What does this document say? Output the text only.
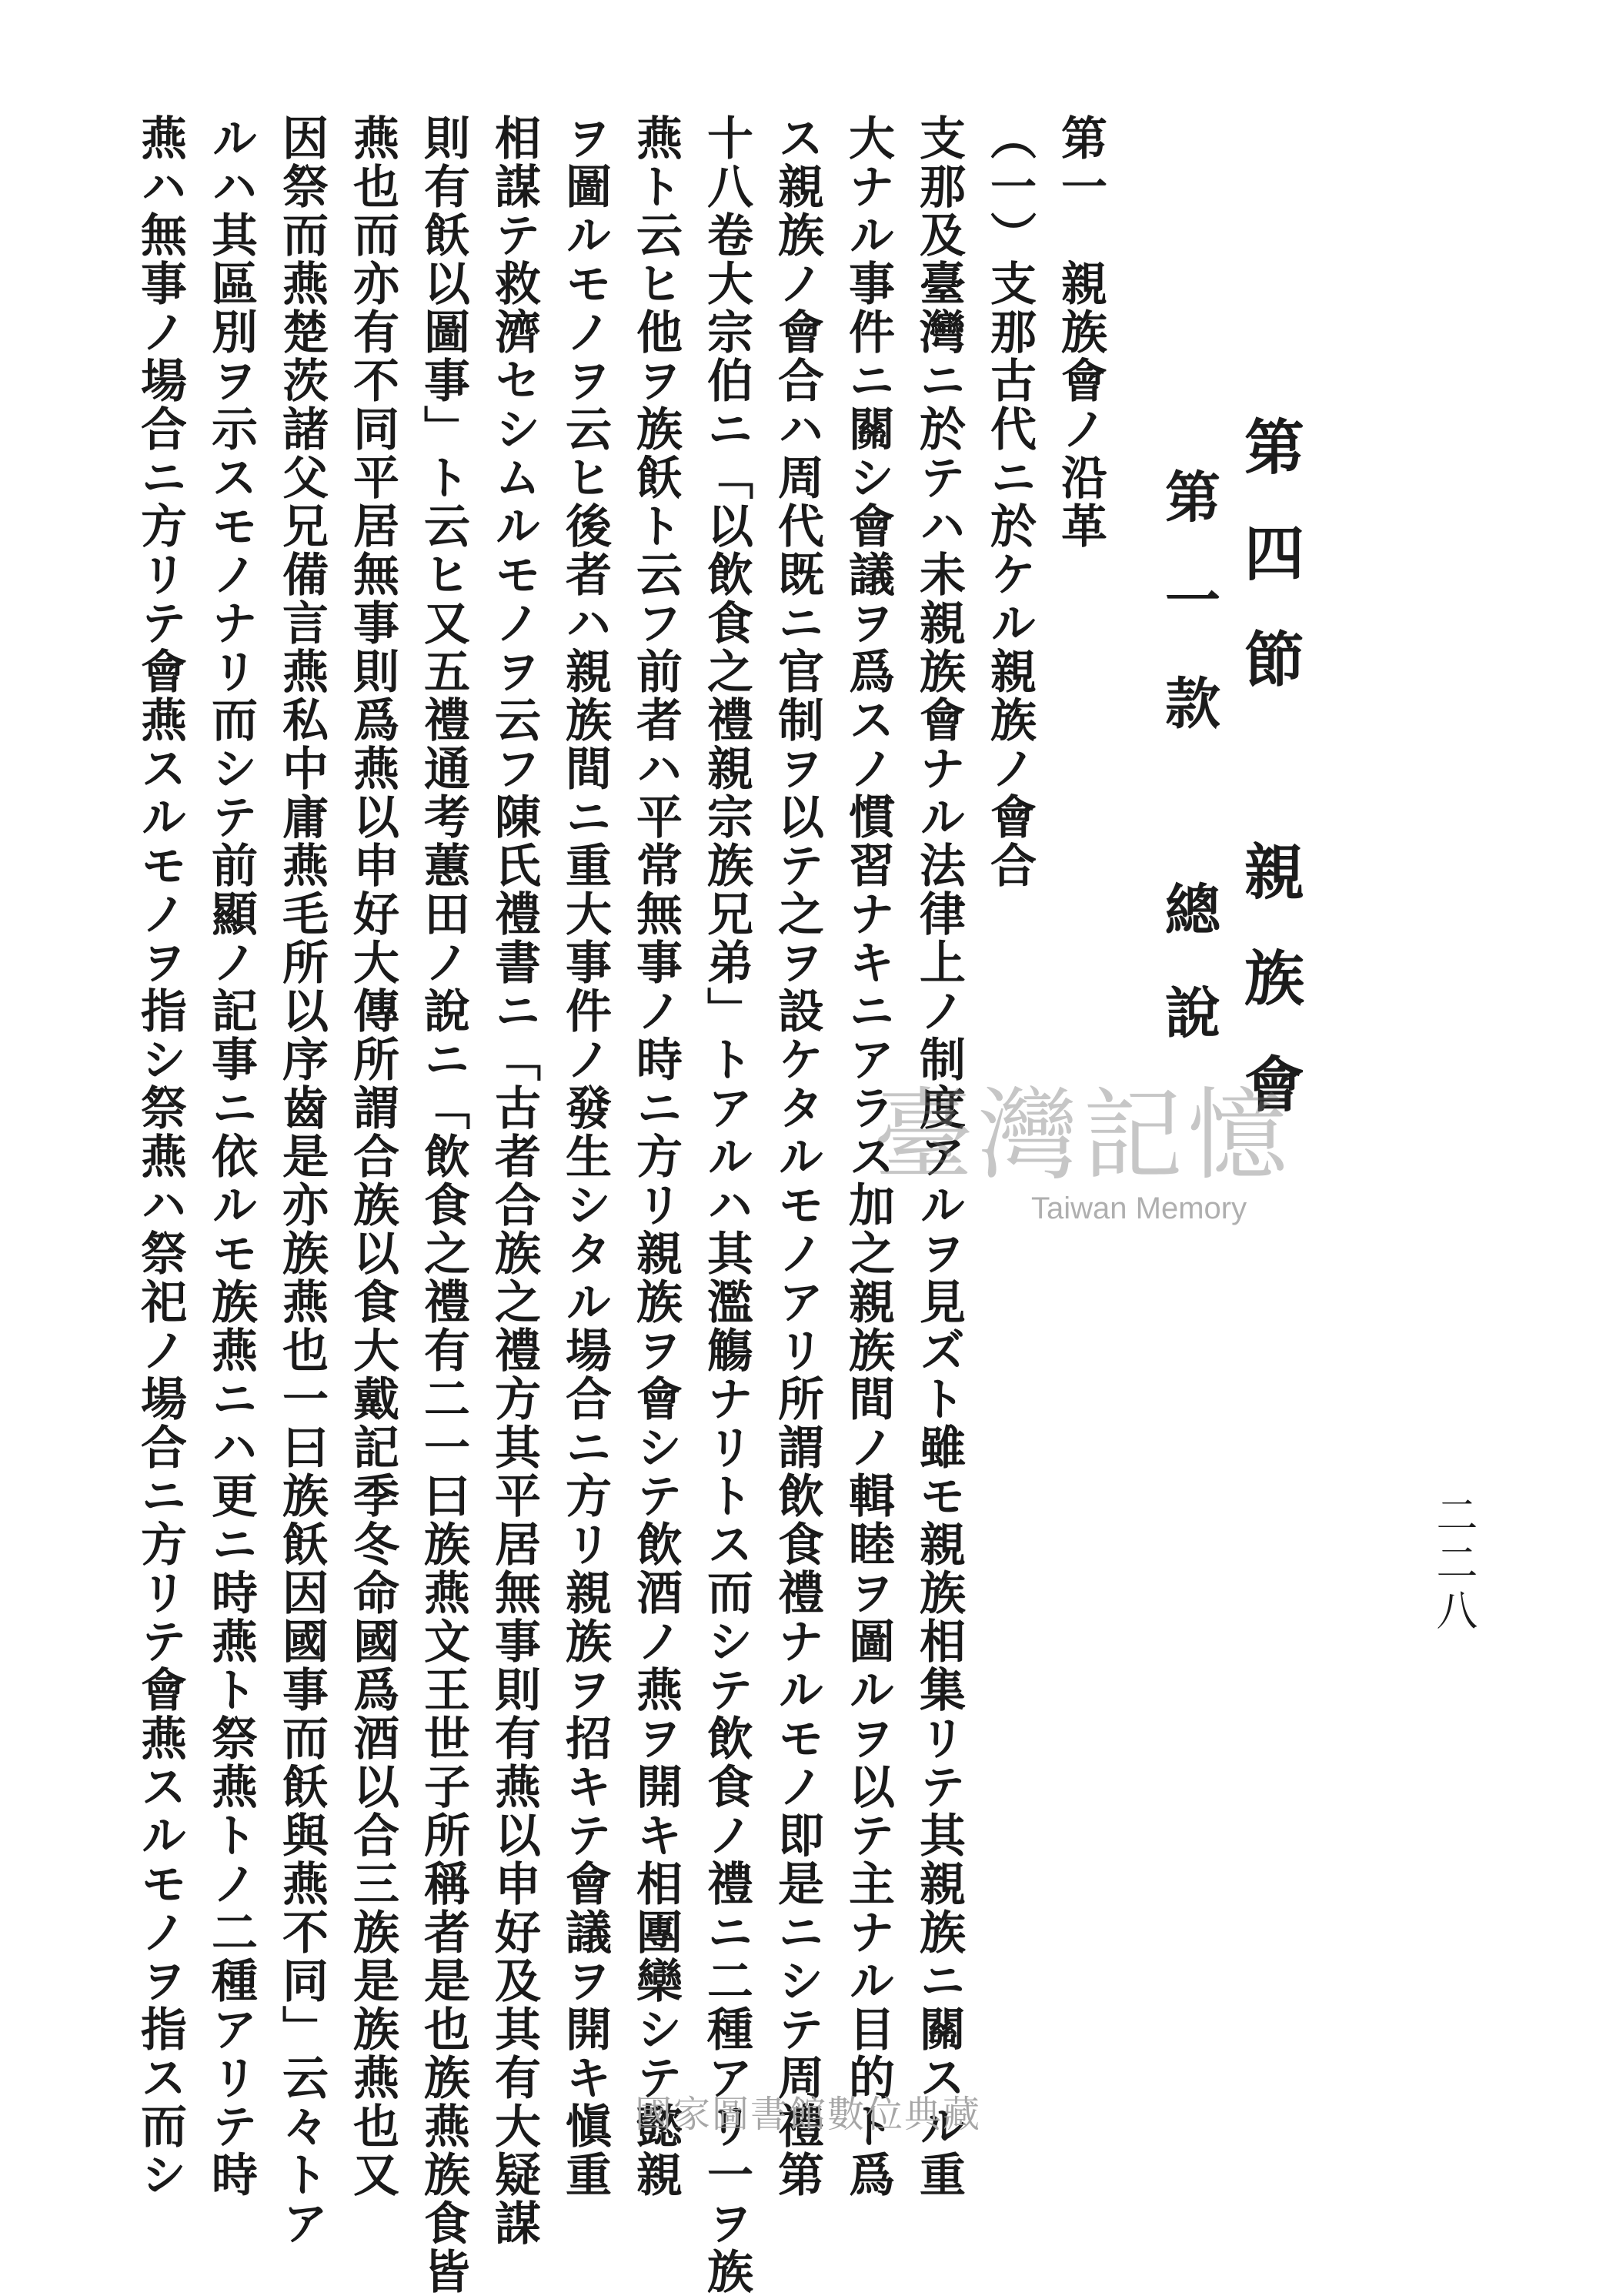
第四節　親族會
第一款　總說
二二八
第一　親族會ノ沿革
（一）支那古代ニ於ケル親族ノ會合
支那及臺灣ニ於テハ未親族會ナル法律上ノ制度アルヲ見ズト雖モ親族相集リテ其親族ニ關スル重
大ナル事件ニ關シ會議ヲ爲スノ慣習ナキニアラス加之親族間ノ輯睦ヲ圖ルヲ以テ主ナル目的ト爲
ス親族ノ會合ハ周代既ニ官制ヲ以テ之ヲ設ケタルモノアリ所謂飲食禮ナルモノ即是ニシテ周禮第
十八卷大宗伯ニ「以飲食之禮親宗族兄弟」トアルハ其濫觴ナリトス而シテ飲食ノ禮ニ二種アリ一ヲ族
燕ト云ヒ他ヲ族飫ト云フ前者ハ平常無事ノ時ニ方リ親族ヲ會シテ飲酒ノ燕ヲ開キ相團欒シテ懿親
ヲ圖ルモノヲ云ヒ後者ハ親族間ニ重大事件ノ發生シタル場合ニ方リ親族ヲ招キテ會議ヲ開キ愼重
相謀テ救濟セシムルモノヲ云フ陳氏禮書ニ「古者合族之禮方其平居無事則有燕以申好及其有大疑謀
則有飫以圖事」ト云ヒ又五禮通考蕙田ノ說ニ「飲食之禮有二一曰族燕文王世子所稱者是也族燕族食皆
燕也而亦有不同平居無事則爲燕以申好大傳所謂合族以食大戴記季冬命國爲酒以合三族是族燕也又
因祭而燕楚茨諸父兄備言燕私中庸燕毛所以序齒是亦族燕也一曰族飫因國事而飫與燕不同」云々トア
ルハ其區別ヲ示スモノナリ而シテ前顯ノ記事ニ依ルモ族燕ニハ更ニ時燕ト祭燕トノ二種アリテ時
燕ハ無事ノ場合ニ方リテ會燕スルモノヲ指シ祭燕ハ祭祀ノ場合ニ方リテ會燕スルモノヲ指ス而シ	臺灣記憶
Taiwan Memory
國家圖書館數位典藏
